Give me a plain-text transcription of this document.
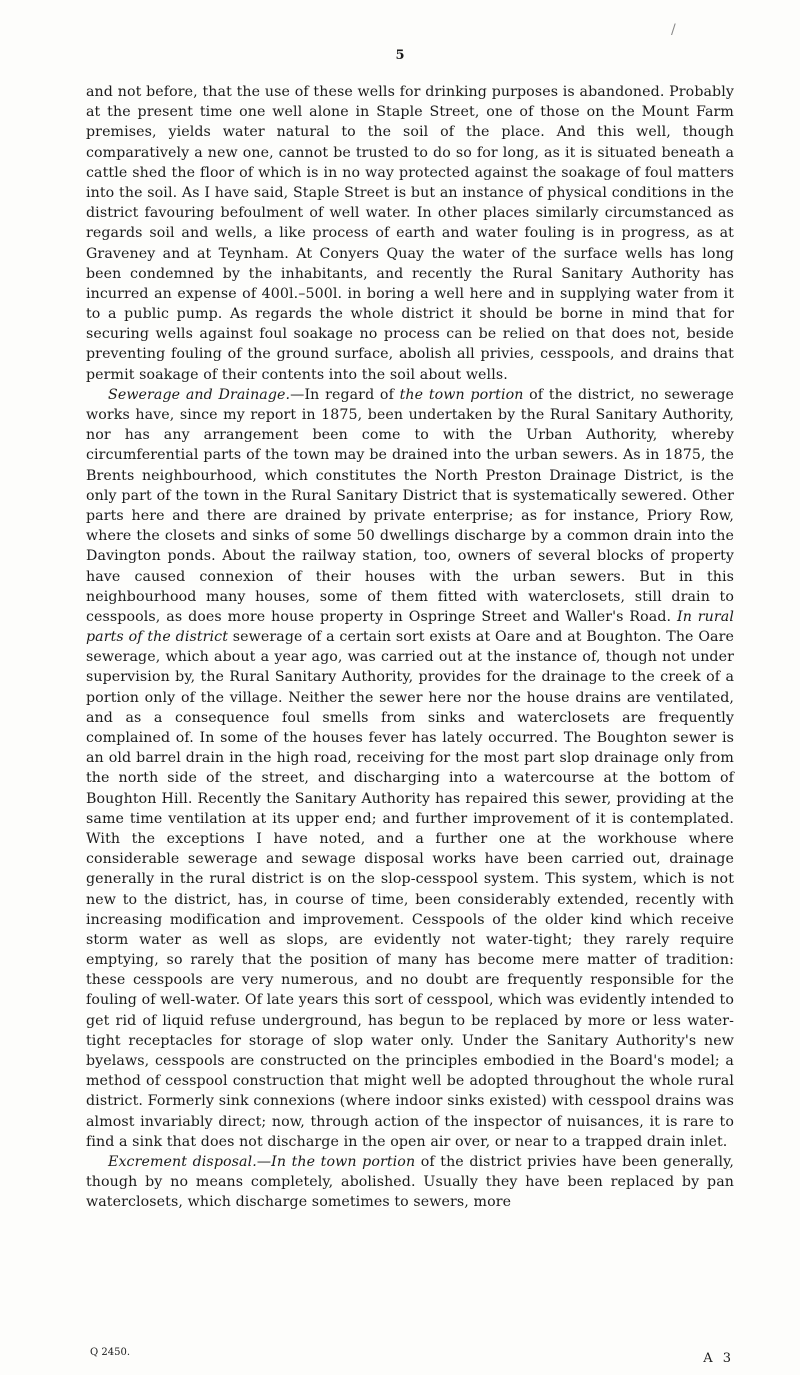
/
5

and not before, that the use of these wells for drinking purposes is abandoned. Probably at the present time one well alone in Staple Street, one of those on the Mount Farm premises, yields water natural to the soil of the place. And this well, though comparatively a new one, cannot be trusted to do so for long, as it is situated beneath a cattle shed the floor of which is in no way protected against the soakage of foul matters into the soil. As I have said, Staple Street is but an instance of physical conditions in the district favouring befoulment of well water. In other places similarly circumstanced as regards soil and wells, a like process of earth and water fouling is in progress, as at Graveney and at Teynham. At Conyers Quay the water of the surface wells has long been condemned by the inhabitants, and recently the Rural Sanitary Authority has incurred an expense of 400l.–500l. in boring a well here and in supplying water from it to a public pump. As regards the whole district it should be borne in mind that for securing wells against foul soakage no process can be relied on that does not, beside preventing fouling of the ground surface, abolish all privies, cesspools, and drains that permit soakage of their contents into the soil about wells.

Sewerage and Drainage.—In regard of the town portion of the district, no sewerage works have, since my report in 1875, been undertaken by the Rural Sanitary Authority, nor has any arrangement been come to with the Urban Authority, whereby circumferential parts of the town may be drained into the urban sewers. As in 1875, the Brents neighbourhood, which constitutes the North Preston Drainage District, is the only part of the town in the Rural Sanitary District that is systematically sewered. Other parts here and there are drained by private enterprise; as for instance, Priory Row, where the closets and sinks of some 50 dwellings discharge by a common drain into the Davington ponds. About the railway station, too, owners of several blocks of property have caused connexion of their houses with the urban sewers. But in this neighbourhood many houses, some of them fitted with waterclosets, still drain to cesspools, as does more house property in Ospringe Street and Waller's Road. In rural parts of the district sewerage of a certain sort exists at Oare and at Boughton. The Oare sewerage, which about a year ago, was carried out at the instance of, though not under supervision by, the Rural Sanitary Authority, provides for the drainage to the creek of a portion only of the village. Neither the sewer here nor the house drains are ventilated, and as a consequence foul smells from sinks and waterclosets are frequently complained of. In some of the houses fever has lately occurred. The Boughton sewer is an old barrel drain in the high road, receiving for the most part slop drainage only from the north side of the street, and discharging into a watercourse at the bottom of Boughton Hill. Recently the Sanitary Authority has repaired this sewer, providing at the same time ventilation at its upper end; and further improvement of it is contemplated. With the exceptions I have noted, and a further one at the workhouse where considerable sewerage and sewage disposal works have been carried out, drainage generally in the rural district is on the slop-cesspool system. This system, which is not new to the district, has, in course of time, been considerably extended, recently with increasing modification and improvement. Cesspools of the older kind which receive storm water as well as slops, are evidently not water-tight; they rarely require emptying, so rarely that the position of many has become mere matter of tradition: these cesspools are very numerous, and no doubt are frequently responsible for the fouling of well-water. Of late years this sort of cesspool, which was evidently intended to get rid of liquid refuse underground, has begun to be replaced by more or less water-tight receptacles for storage of slop water only. Under the Sanitary Authority's new byelaws, cesspools are constructed on the principles embodied in the Board's model; a method of cesspool construction that might well be adopted throughout the whole rural district. Formerly sink connexions (where indoor sinks existed) with cesspool drains was almost invariably direct; now, through action of the inspector of nuisances, it is rare to find a sink that does not discharge in the open air over, or near to a trapped drain inlet.

Excrement disposal.—In the town portion of the district privies have been generally, though by no means completely, abolished. Usually they have been replaced by pan waterclosets, which discharge sometimes to sewers, more

Q 2450.	A 3
